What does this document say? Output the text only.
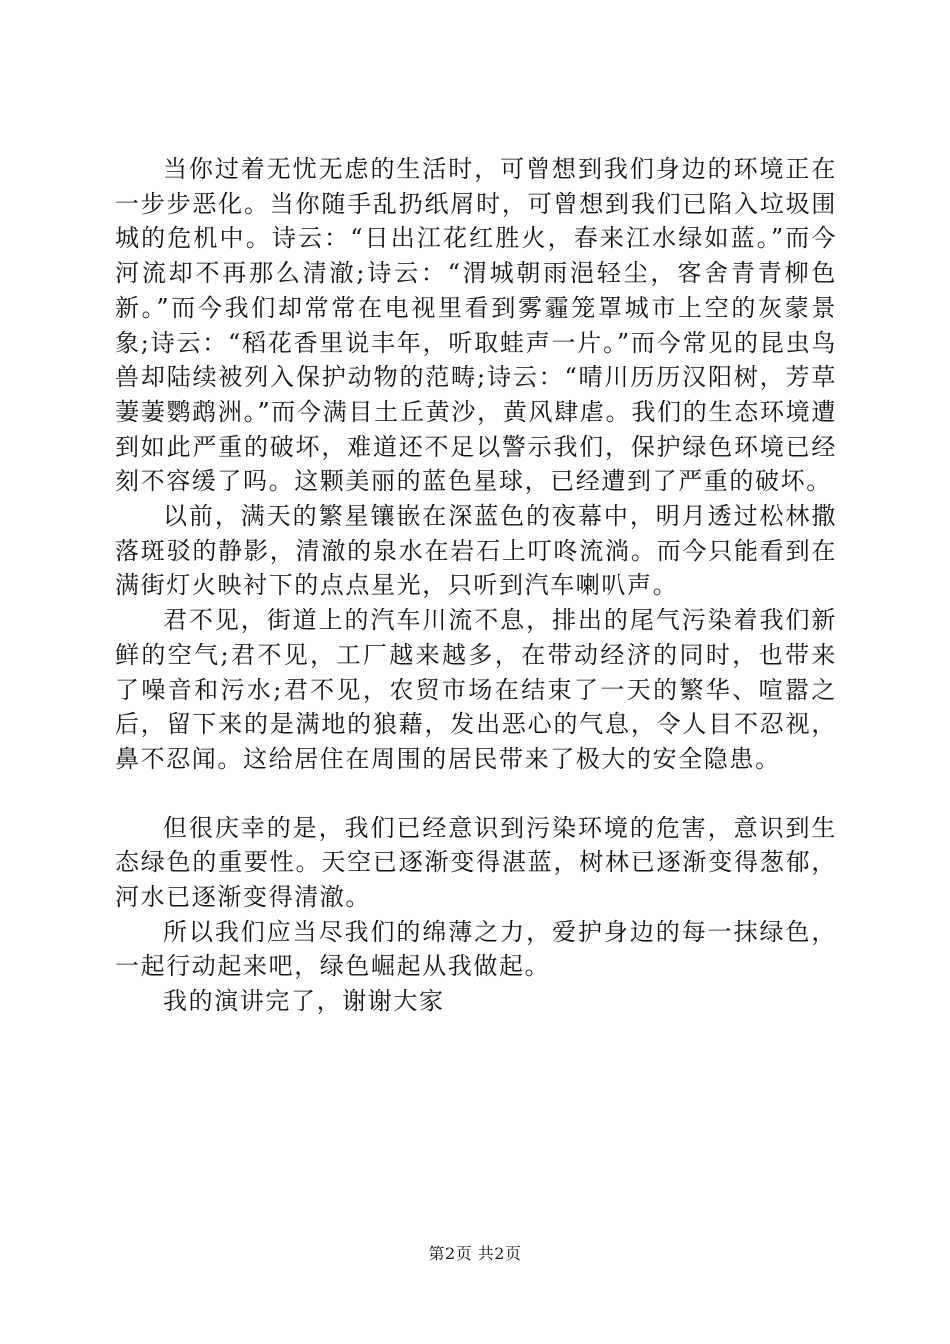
当你过着无忧无虑的生活时，可曾想到我们身边的环境正在一步步恶化。当你随手乱扔纸屑时，可曾想到我们已陷入垃圾围城的危机中。诗云：“日出江花红胜火，春来江水绿如蓝。”而今河流却不再那么清澈;诗云：“渭城朝雨浥轻尘，客舍青青柳色新。”而今我们却常常在电视里看到雾霾笼罩城市上空的灰蒙景象;诗云：“稻花香里说丰年，听取蛙声一片。”而今常见的昆虫鸟兽却陆续被列入保护动物的范畴;诗云：“晴川历历汉阳树，芳草萋萋鹦鹉洲。”而今满目土丘黄沙，黄风肆虐。我们的生态环境遭到如此严重的破坏，难道还不足以警示我们，保护绿色环境已经刻不容缓了吗。这颗美丽的蓝色星球，已经遭到了严重的破坏。

以前，满天的繁星镶嵌在深蓝色的夜幕中，明月透过松林撒落斑驳的静影，清澈的泉水在岩石上叮咚流淌。而今只能看到在满街灯火映衬下的点点星光，只听到汽车喇叭声。

君不见，街道上的汽车川流不息，排出的尾气污染着我们新鲜的空气;君不见，工厂越来越多，在带动经济的同时，也带来了噪音和污水;君不见，农贸市场在结束了一天的繁华、喧嚣之后，留下来的是满地的狼藉，发出恶心的气息，令人目不忍视，鼻不忍闻。这给居住在周围的居民带来了极大的安全隐患。

但很庆幸的是，我们已经意识到污染环境的危害，意识到生态绿色的重要性。天空已逐渐变得湛蓝，树林已逐渐变得葱郁，河水已逐渐变得清澈。

所以我们应当尽我们的绵薄之力，爱护身边的每一抹绿色，一起行动起来吧，绿色崛起从我做起。

我的演讲完了，谢谢大家

第2页 共2页
